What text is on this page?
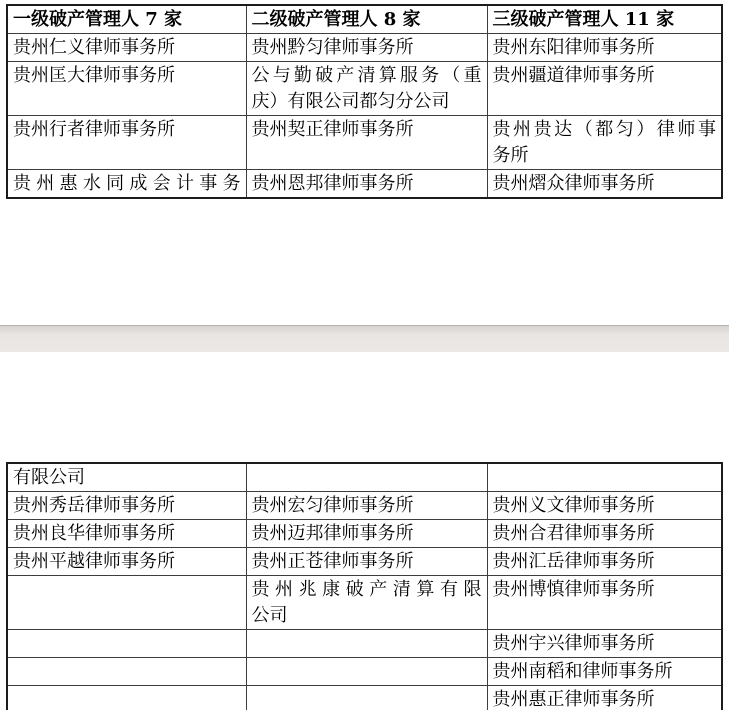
一级破产管理人 7 家	二级破产管理人 8 家	三级破产管理人 11 家

贵州仁义律师事务所	贵州黔匀律师事务所	贵州东阳律师事务所

贵州匡大律师事务所	公与勤破产清算服务（重
庆）有限公司都匀分公司	贵州疆道律师事务所

贵州行者律师事务所	贵州契正律师事务所	贵州贵达（都匀）律师事
务所

贵州惠水同成会计事务	贵州恩邦律师事务所	贵州熠众律师事务所
有限公司		

贵州秀岳律师事务所	贵州宏匀律师事务所	贵州义文律师事务所

贵州良华律师事务所	贵州迈邦律师事务所	贵州合君律师事务所

贵州平越律师事务所	贵州正苍律师事务所	贵州汇岳律师事务所

	贵州兆康破产清算有限
公司	贵州博慎律师事务所

		贵州宇兴律师事务所

		贵州南稻和律师事务所

		贵州惠正律师事务所
